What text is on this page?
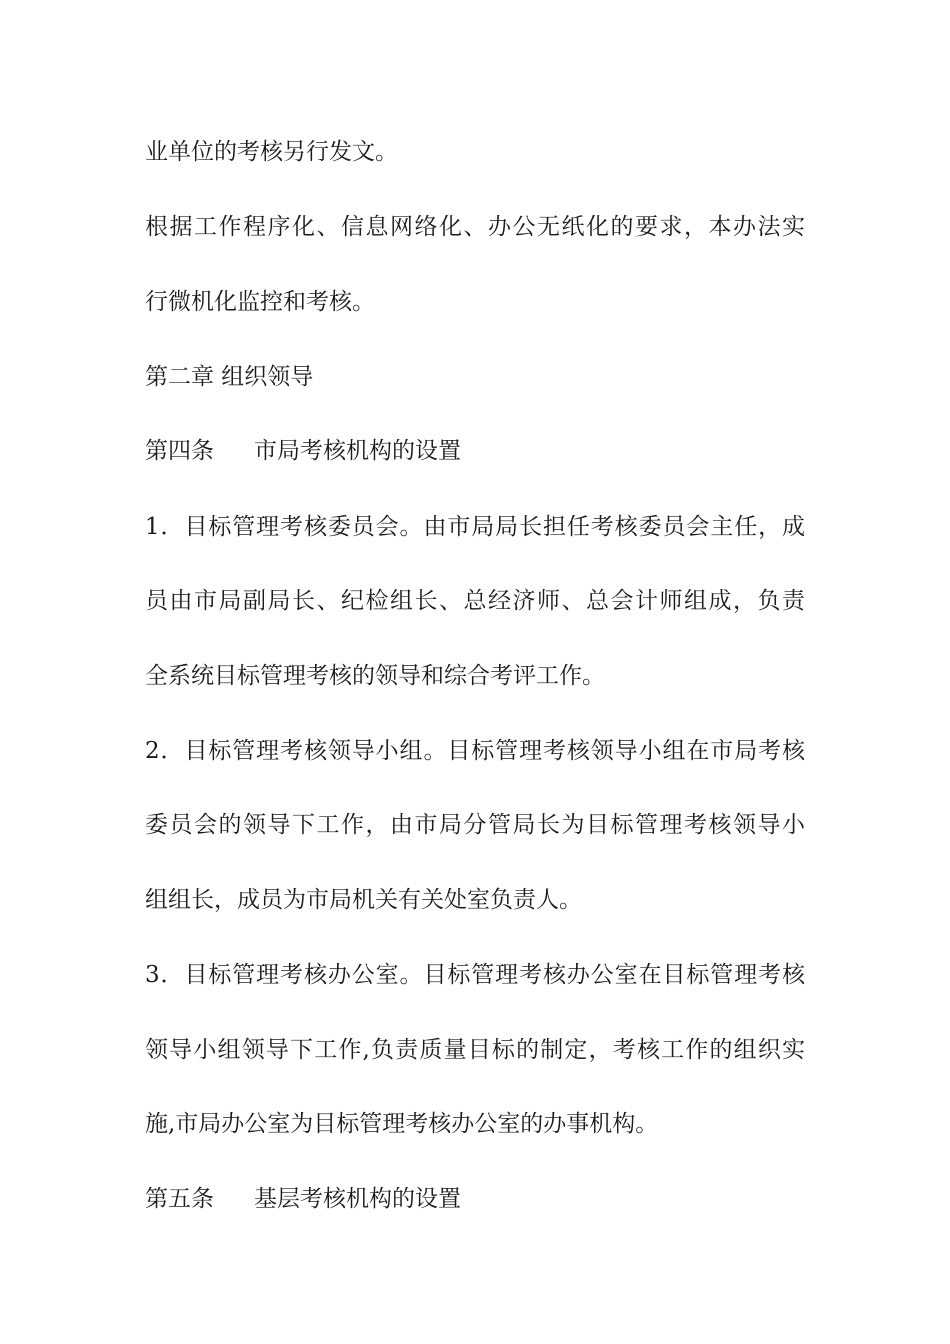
业单位的考核另行发文。
根据工作程序化、信息网络化、办公无纸化的要求，本办法实
行微机化监控和考核。
第二章 组织领导
第四条 市局考核机构的设置
1．目标管理考核委员会。由市局局长担任考核委员会主任，成
员由市局副局长、纪检组长、总经济师、总会计师组成，负责
全系统目标管理考核的领导和综合考评工作。
2．目标管理考核领导小组。目标管理考核领导小组在市局考核
委员会的领导下工作，由市局分管局长为目标管理考核领导小
组组长，成员为市局机关有关处室负责人。
3．目标管理考核办公室。目标管理考核办公室在目标管理考核
领导小组领导下工作,负责质量目标的制定，考核工作的组织实
施,市局办公室为目标管理考核办公室的办事机构。
第五条 基层考核机构的设置
